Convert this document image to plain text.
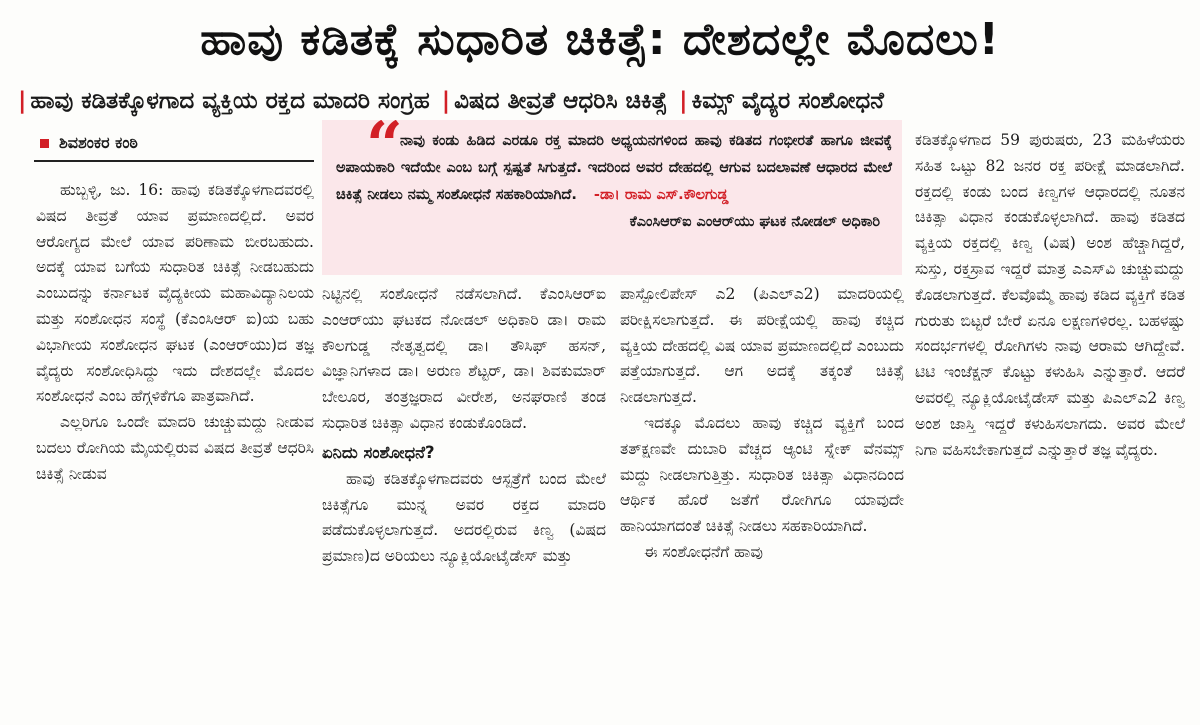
ಹಾವು ಕಡಿತಕ್ಕೆ ಸುಧಾರಿತ ಚಿಕಿತ್ಸೆ: ದೇಶದಲ್ಲೇ ಮೊದಲು!
| ಹಾವು ಕಡಿತಕ್ಕೊಳಗಾದ ವ್ಯಕ್ತಿಯ ರಕ್ತದ ಮಾದರಿ ಸಂಗ್ರಹ | ವಿಷದ ತೀವ್ರತೆ ಆಧರಿಸಿ ಚಿಕಿತ್ಸೆ | ಕಿಮ್ಸ್ ವೈದ್ಯರ ಸಂಶೋಧನೆ
ಶಿವಶಂಕರ ಕಂಠಿ	“
ನಾವು ಕಂಡು ಹಿಡಿದ ಎರಡೂ ರಕ್ತ ಮಾದರಿ ಅಧ್ಯಯನಗಳಿಂದ ಹಾವು ಕಡಿತದ ಗಂಭೀರತೆ ಹಾಗೂ ಜೀವಕ್ಕೆ ಅಪಾಯಕಾರಿ ಇದೆಯೇ ಎಂಬ ಬಗ್ಗೆ ಸ್ಪಷ್ಟತೆ ಸಿಗುತ್ತದೆ. ಇದರಿಂದ ಅವರ ದೇಹದಲ್ಲಿ ಆಗುವ ಬದಲಾವಣೆ ಆಧಾರದ ಮೇಲೆ ಚಿಕಿತ್ಸೆ ನೀಡಲು ನಮ್ಮ ಸಂಶೋಧನೆ ಸಹಕಾರಿಯಾಗಿದೆ. -ಡಾ। ರಾಮ ಎಸ್.ಕೌಲಗುಡ್ಡ
ಕೆಎಂಸಿಆರ್‌ಐ ಎಂಆರ್‌ಯು ಘಟಕ ನೋಡಲ್ ಅಧಿಕಾರಿ

ಹುಬ್ಬಳ್ಳಿ, ಜು. 16: ಹಾವು ಕಡಿತಕ್ಕೊಳಗಾದವರಲ್ಲಿ ವಿಷದ ತೀವ್ರತೆ ಯಾವ ಪ್ರಮಾಣದಲ್ಲಿದೆ. ಅವರ ಆರೋಗ್ಯದ ಮೇಲೆ ಯಾವ ಪರಿಣಾಮ ಬೀರಬಹುದು. ಅದಕ್ಕೆ ಯಾವ ಬಗೆಯ ಸುಧಾರಿತ ಚಿಕಿತ್ಸೆ ನೀಡಬಹುದು ಎಂಬುದನ್ನು ಕರ್ನಾಟಕ ವೈದ್ಯಕೀಯ ಮಹಾವಿದ್ಯಾನಿಲಯ ಮತ್ತು ಸಂಶೋಧನ ಸಂಸ್ಥೆ (ಕೆಎಂಸಿಆರ್ ಐ)ಯ ಬಹು ವಿಭಾಗೀಯ ಸಂಶೋಧನ ಘಟಕ (ಎಂಆರ್‌ಯು)ದ ತಜ್ಞ ವೈದ್ಯರು ಸಂಶೋಧಿಸಿದ್ದು ಇದು ದೇಶದಲ್ಲೇ ಮೊದಲ ಸಂಶೋಧನೆ ಎಂಬ ಹೆಗ್ಗಳಿಕೆಗೂ ಪಾತ್ರವಾಗಿದೆ.

ಎಲ್ಲರಿಗೂ ಒಂದೇ ಮಾದರಿ ಚುಚ್ಚುಮದ್ದು ನೀಡುವ ಬದಲು ರೋಗಿಯ ಮೈಯಲ್ಲಿರುವ ವಿಷದ ತೀವ್ರತೆ ಆಧರಿಸಿ ಚಿಕಿತ್ಸೆ ನೀಡುವ

ನಿಟ್ಟಿನಲ್ಲಿ ಸಂಶೋಧನೆ ನಡೆಸಲಾಗಿದೆ. ಕೆಎಂಸಿಆರ್‌ಐ ಎಂಆರ್‌ಯು ಘಟಕದ ನೋಡಲ್ ಅಧಿಕಾರಿ ಡಾ। ರಾಮ ಕೌಲಗುಡ್ಡ ನೇತೃತ್ವದಲ್ಲಿ ಡಾ। ತೌಸಿಫ್ ಹಸನ್, ವಿಜ್ಞಾನಿಗಳಾದ ಡಾ। ಅರುಣ ಶೆಟ್ಟರ್, ಡಾ। ಶಿವಕುಮಾರ್ ಬೇಲೂರ, ತಂತ್ರಜ್ಞರಾದ ವೀರೇಶ, ಅನಘರಾಣಿ ತಂಡ ಸುಧಾರಿತ ಚಿಕಿತ್ಸಾ ವಿಧಾನ ಕಂಡುಕೊಂಡಿದೆ.

ಏನಿದು ಸಂಶೋಧನೆ?

ಹಾವು ಕಡಿತಕ್ಕೊಳಗಾದವರು ಆಸ್ಪತ್ರೆಗೆ ಬಂದ ಮೇಲೆ ಚಿಕಿತ್ಸೆಗೂ ಮುನ್ನ ಅವರ ರಕ್ತದ ಮಾದರಿ ಪಡೆದುಕೊಳ್ಳಲಾಗುತ್ತದೆ. ಅದರಲ್ಲಿರುವ ಕಿಣ್ವ (ವಿಷದ ಪ್ರಮಾಣ)ದ ಅರಿಯಲು ನ್ಯೂಕ್ಲಿಯೋಟೈಡೇಸ್ ಮತ್ತು

ಪಾಸ್ಪೋಲಿಪೇಸ್ ಎ2 (ಪಿಎಲ್‌ಎ2) ಮಾದರಿಯಲ್ಲಿ ಪರೀಕ್ಷಿಸಲಾಗುತ್ತದೆ. ಈ ಪರೀಕ್ಷೆಯಲ್ಲಿ ಹಾವು ಕಚ್ಚಿದ ವ್ಯಕ್ತಿಯ ದೇಹದಲ್ಲಿ ವಿಷ ಯಾವ ಪ್ರಮಾಣದಲ್ಲಿದೆ ಎಂಬುದು ಪತ್ತೆಯಾಗುತ್ತದೆ. ಆಗ ಅದಕ್ಕೆ ತಕ್ಕಂತೆ ಚಿಕಿತ್ಸೆ ನೀಡಲಾಗುತ್ತದೆ.

ಇದಕ್ಕೂ ಮೊದಲು ಹಾವು ಕಚ್ಚಿದ ವ್ಯಕ್ತಿಗೆ ಬಂದ ತತ್‌ಕ್ಷಣವೇ ದುಬಾರಿ ವೆಚ್ಚದ ಆ್ಯಂಟಿ ಸ್ನೇಕ್ ವೆನಮ್ಸ್ ಮದ್ದು ನೀಡಲಾಗುತ್ತಿತ್ತು. ಸುಧಾರಿತ ಚಿಕಿತ್ಸಾ ವಿಧಾನದಿಂದ ಆರ್ಥಿಕ ಹೊರೆ ಜತೆಗೆ ರೋಗಿಗೂ ಯಾವುದೇ ಹಾನಿಯಾಗದಂತೆ ಚಿಕಿತ್ಸೆ ನೀಡಲು ಸಹಕಾರಿಯಾಗಿದೆ.

ಈ ಸಂಶೋಧನೆಗೆ ಹಾವು

ಕಡಿತಕ್ಕೊಳಗಾದ 59 ಪುರುಷರು, 23 ಮಹಿಳೆಯರು ಸಹಿತ ಒಟ್ಟು 82 ಜನರ ರಕ್ತ ಪರೀಕ್ಷೆ ಮಾಡಲಾಗಿದೆ. ರಕ್ತದಲ್ಲಿ ಕಂಡು ಬಂದ ಕಿಣ್ವಗಳ ಆಧಾರದಲ್ಲಿ ನೂತನ ಚಿಕಿತ್ಸಾ ವಿಧಾನ ಕಂಡುಕೊಳ್ಳಲಾಗಿದೆ. ಹಾವು ಕಡಿತದ ವ್ಯಕ್ತಿಯ ರಕ್ತದಲ್ಲಿ ಕಿಣ್ವ (ವಿಷ) ಅಂಶ ಹೆಚ್ಚಾಗಿದ್ದರೆ, ಸುಸ್ತು, ರಕ್ತಸ್ರಾವ ಇದ್ದರೆ ಮಾತ್ರ ಎಎಸ್‌ವಿ ಚುಚ್ಚುಮದ್ದು ಕೊಡಲಾಗುತ್ತದೆ. ಕೆಲವೊಮ್ಮೆ ಹಾವು ಕಡಿದ ವ್ಯಕ್ತಿಗೆ ಕಡಿತ ಗುರುತು ಬಿಟ್ಟರೆ ಬೇರೆ ಏನೂ ಲಕ್ಷಣಗಳಿರಲ್ಲ. ಬಹಳಷ್ಟು ಸಂದರ್ಭಗಳಲ್ಲಿ ರೋಗಿಗಳು ನಾವು ಆರಾಮ ಆಗಿದ್ದೇವೆ. ಟಿಟಿ ಇಂಜೆಕ್ಷನ್ ಕೊಟ್ಟು ಕಳುಹಿಸಿ ಎನ್ನುತ್ತಾರೆ. ಆದರೆ ಅವರಲ್ಲಿ ನ್ಯೂಕ್ಲಿಯೋಟೈಡೇಸ್ ಮತ್ತು ಪಿಎಲ್‌ಎ2 ಕಿಣ್ವ ಅಂಶ ಜಾಸ್ತಿ ಇದ್ದರೆ ಕಳುಹಿಸಲಾಗದು. ಅವರ ಮೇಲೆ ನಿಗಾ ವಹಿಸಬೇಕಾಗುತ್ತದೆ ಎನ್ನುತ್ತಾರೆ ತಜ್ಞ ವೈದ್ಯರು.
